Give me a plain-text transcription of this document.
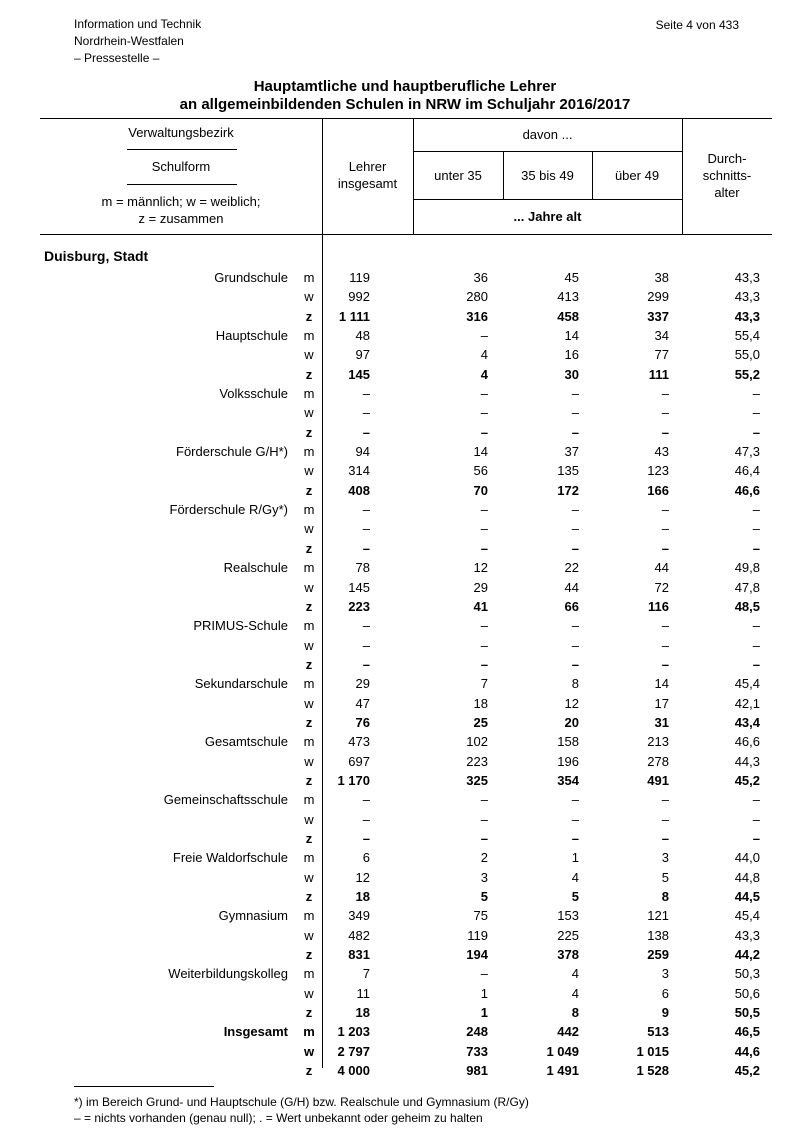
Information und Technik
Nordrhein-Westfalen
– Pressestelle –
Seite 4 von 433
Hauptamtliche und hauptberufliche Lehrer
an allgemeinbildenden Schulen in NRW im Schuljahr 2016/2017
Verwaltungsbezirk
Schulform
m = männlich; w = weiblich;
z = zusammen
Lehrer
insgesamt
davon ...
unter 35	35 bis 49	über 49
... Jahre alt
Durch-
schnitts-
alter
Duisburg, Stadt
Grundschule m	119	36	45	38	43,3
w	992	280	413	299	43,3
z 1 111	316	458	337	43,3
Hauptschule m	48	–	14	34	55,4
w	97	4	16	77	55,0
z	145	4	30	111	55,2
Volksschule m	–	–	–	–	–
w	–	–	–	–	–
z	–	–	–	–	–
Förderschule G/H*) m	94	14	37	43	47,3
w	314	56	135	123	46,4
z	408	70	172	166	46,6
Förderschule R/Gy*) m	–	–	–	–	–
w	–	–	–	–	–
z	–	–	–	–	–
Realschule m	78	12	22	44	49,8
w	145	29	44	72	47,8
z	223	41	66	116	48,5
PRIMUS-Schule m	–	–	–	–	–
w	–	–	–	–	–
z	–	–	–	–	–
Sekundarschule m	29	7	8	14	45,4
w	47	18	12	17	42,1
z	76	25	20	31	43,4
Gesamtschule m	473	102	158	213	46,6
w	697	223	196	278	44,3
z 1 170	325	354	491	45,2
Gemeinschaftsschule m	–	–	–	–	–
w	–	–	–	–	–
z	–	–	–	–	–
Freie Waldorfschule m	6	2	1	3	44,0
w	12	3	4	5	44,8
z	18	5	5	8	44,5
Gymnasium m	349	75	153	121	45,4
w	482	119	225	138	43,3
z	831	194	378	259	44,2
Weiterbildungskolleg m	7	–	4	3	50,3
w	11	1	4	6	50,6
z	18	1	8	9	50,5
Insgesamt m 1 203	248	442	513	46,5
w 2 797	733	1 049	1 015	44,6
z 4 000	981	1 491	1 528	45,2
*) im Bereich Grund- und Hauptschule (G/H) bzw. Realschule und Gymnasium (R/Gy)
– = nichts vorhanden (genau null); . = Wert unbekannt oder geheim zu halten
